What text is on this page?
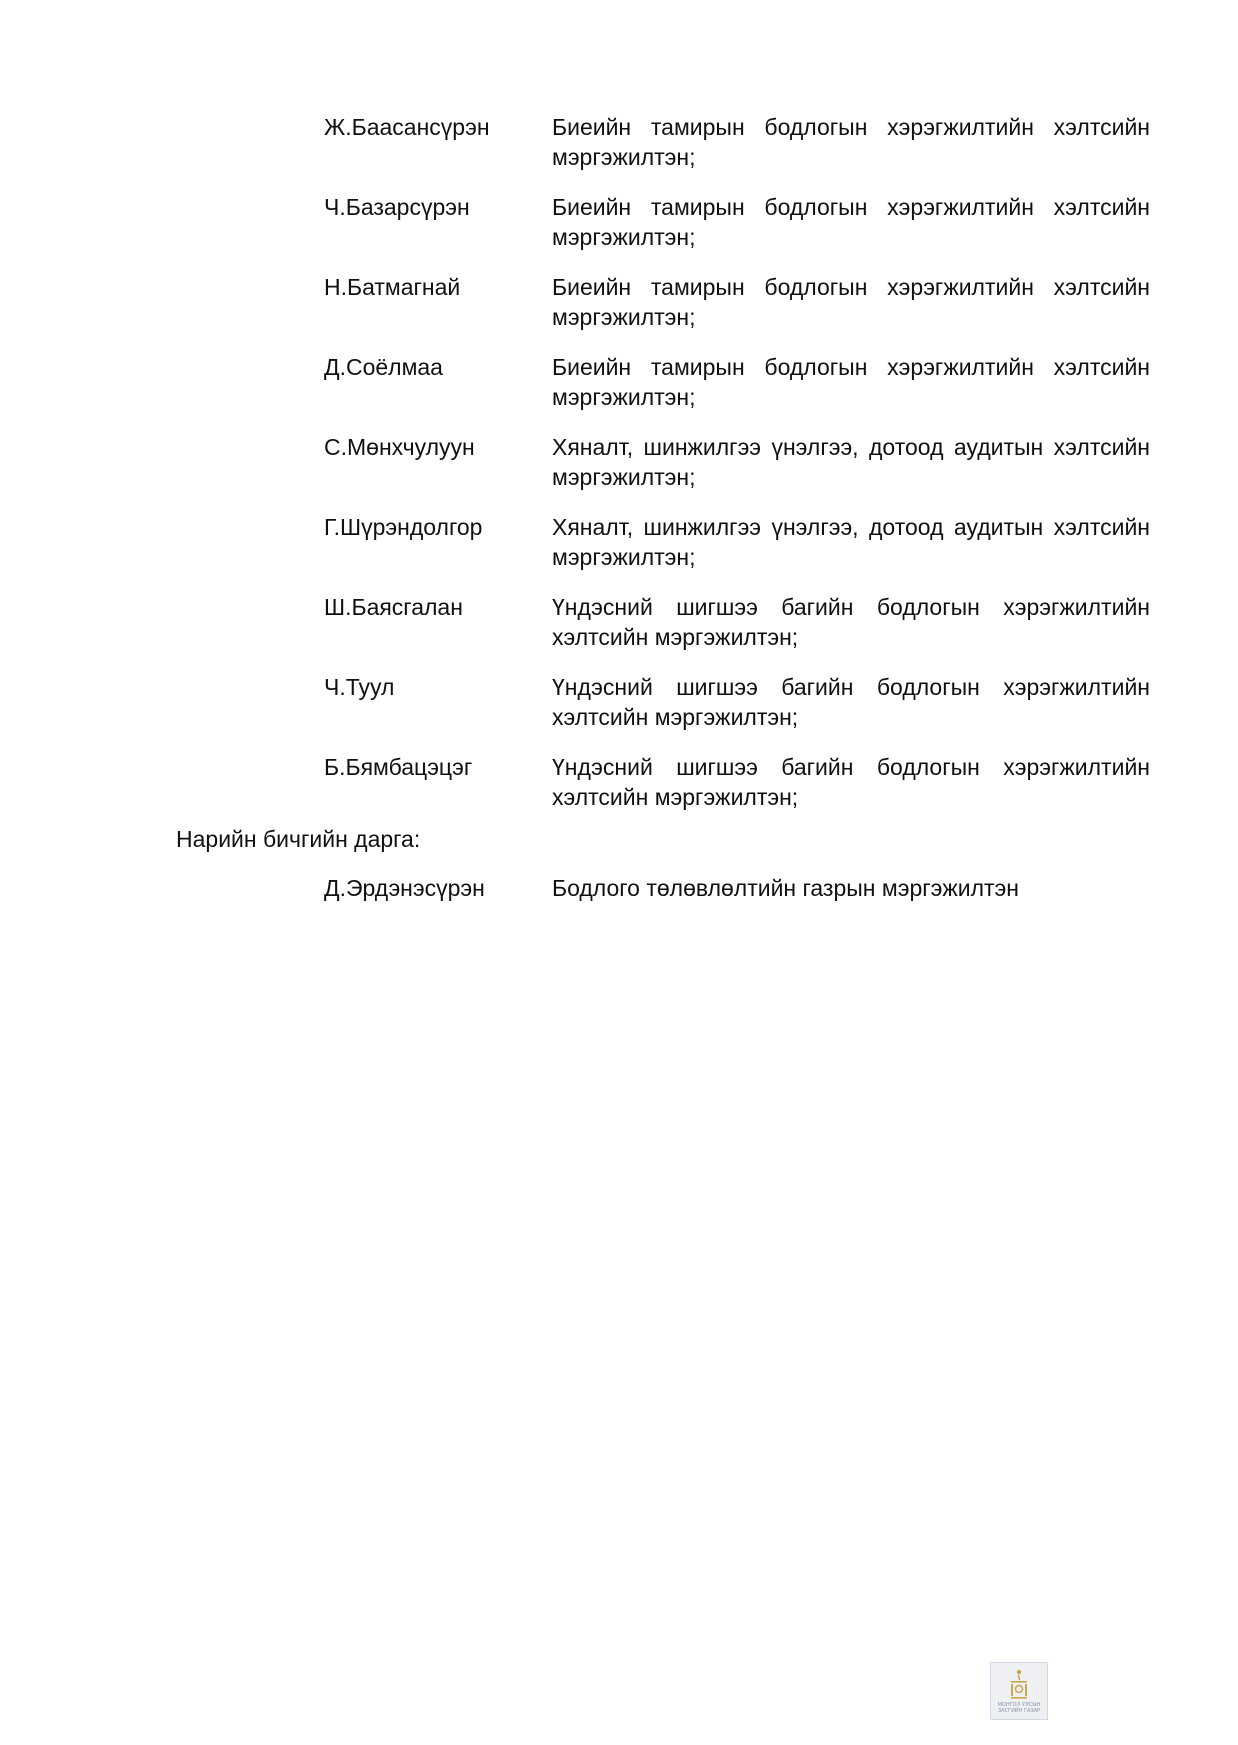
Ж.Баасансүрэн	Биеийн тамирын бодлогын хэрэгжилтийн хэлтсийн мэргэжилтэн;
Ч.Базарсүрэн	Биеийн тамирын бодлогын хэрэгжилтийн хэлтсийн мэргэжилтэн;
Н.Батмагнай	Биеийн тамирын бодлогын хэрэгжилтийн хэлтсийн мэргэжилтэн;
Д.Соёлмаа	Биеийн тамирын бодлогын хэрэгжилтийн хэлтсийн мэргэжилтэн;
С.Мөнхчулуун	Хяналт, шинжилгээ үнэлгээ, дотоод аудитын хэлтсийн мэргэжилтэн;
Г.Шүрэндолгор	Хяналт, шинжилгээ үнэлгээ, дотоод аудитын хэлтсийн мэргэжилтэн;
Ш.Баясгалан	Үндэсний шигшээ багийн бодлогын хэрэгжилтийн хэлтсийн мэргэжилтэн;
Ч.Туул	Үндэсний шигшээ багийн бодлогын хэрэгжилтийн хэлтсийн мэргэжилтэн;
Б.Бямбацэцэг	Үндэсний шигшээ багийн бодлогын хэрэгжилтийн хэлтсийн мэргэжилтэн;
Нарийн бичгийн дарга:
Д.Эрдэнэсүрэн	Бодлого төлөвлөлтийн газрын мэргэжилтэн
МОНГОЛ УЛСЫН
ЗАСГИЙН ГАЗАР
